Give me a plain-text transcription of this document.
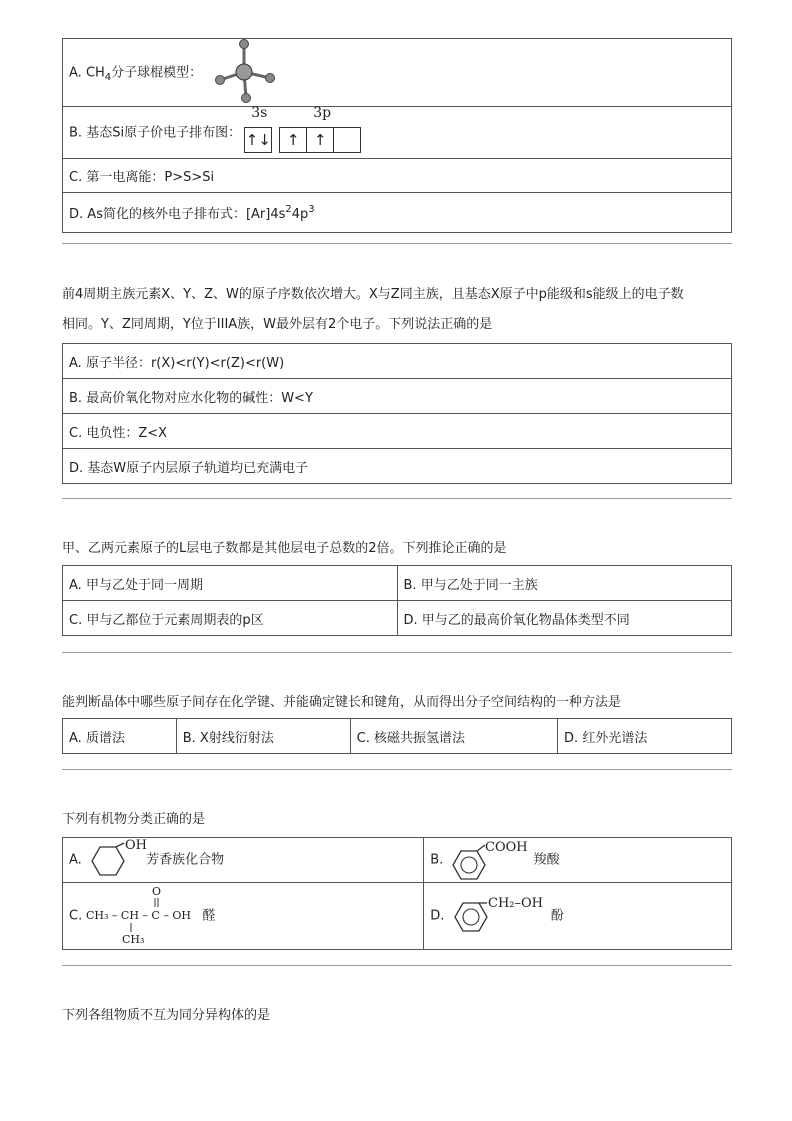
A. $CH_4$分子球棍模型：
B. 基态Si原子价电子排布图：
3s	3p
↑↓ ↑ ↑
C. 第一电离能：P>S>Si
D. As简化的核外电子排布式：$[Ar]4s^24p^3$
前4周期主族元素X、Y、Z、W的原子序数依次增大。X与Z同主族，且基态X原子中p能级和s能级上的电子数
相同。Y、Z同周期，Y位于IIIA族，W最外层有2个电子。下列说法正确的是
A. 原子半径：r(X)<r(Y)<r(Z)<r(W)
B. 最高价氧化物对应水化物的碱性：W<Y
C. 电负性：Z<X
D. 基态W原子内层原子轨道均已充满电子
甲、乙两元素原子的L层电子数都是其他层电子总数的2倍。下列推论正确的是
A. 甲与乙处于同一周期	B. 甲与乙处于同一主族
C. 甲与乙都位于元素周期表的p区	D. 甲与乙的最高价氧化物晶体类型不同
能判断晶体中哪些原子间存在化学键、并能确定键长和键角，从而得出分子空间结构的一种方法是
A. 质谱法	B. X射线衍射法	C. 核磁共振氢谱法	D. 红外光谱法
下列有机物分类正确的是
A.
OH
芳香族化合物	B.
COOH
羧酸
C.
O
CH₃ – CH – C – OH
CH₃
醛	D.
CH₂–OH
酚
下列各组物质不互为同分异构体的是
